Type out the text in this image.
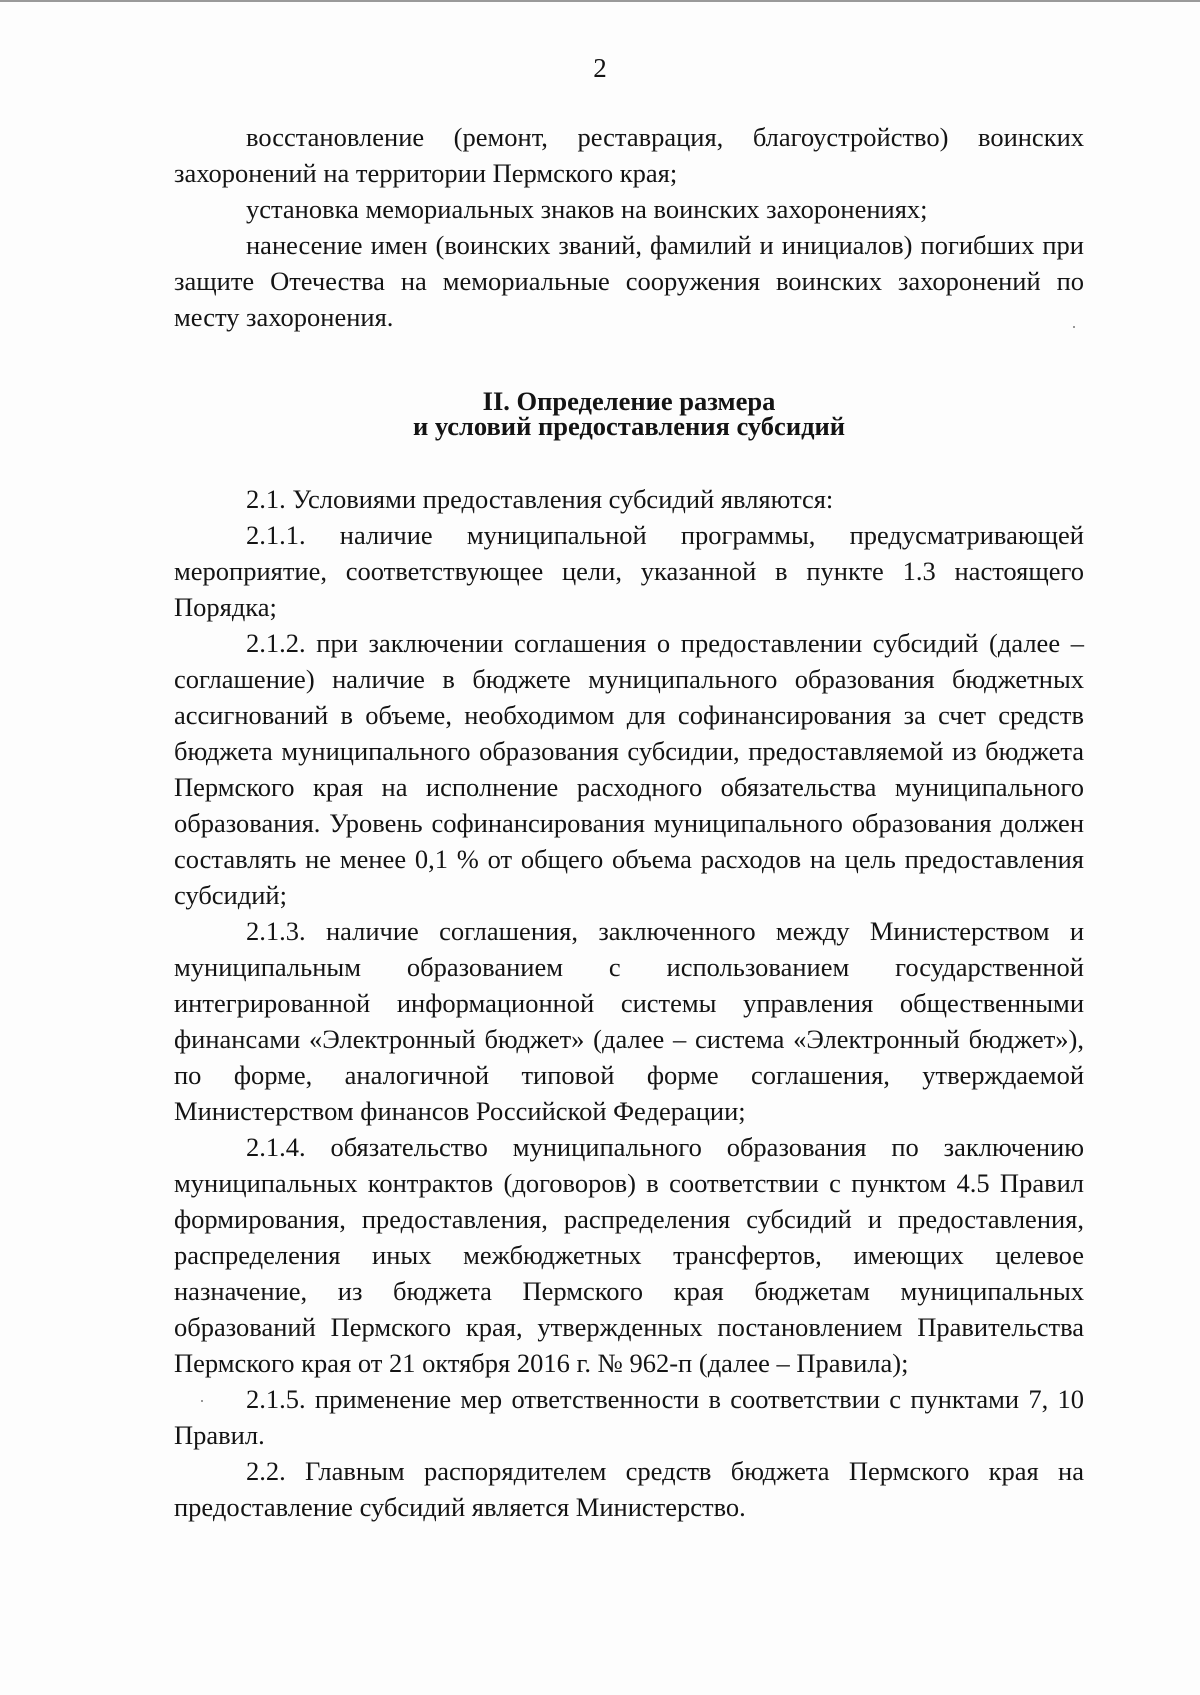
2

восстановление (ремонт, реставрация, благоустройство) воинских захоронений на территории Пермского края;

установка мемориальных знаков на воинских захоронениях;

нанесение имен (воинских званий, фамилий и инициалов) погибших при защите Отечества на мемориальные сооружения воинских захоронений по месту захоронения.

II. Определение размера
и условий предоставления субсидий

2.1. Условиями предоставления субсидий являются:

2.1.1. наличие муниципальной программы, предусматривающей мероприятие, соответствующее цели, указанной в пункте 1.3 настоящего Порядка;

2.1.2. при заключении соглашения о предоставлении субсидий (далее – соглашение) наличие в бюджете муниципального образования бюджетных ассигнований в объеме, необходимом для софинансирования за счет средств бюджета муниципального образования субсидии, предоставляемой из бюджета Пермского края на исполнение расходного обязательства муниципального образования. Уровень софинансирования муниципального образования должен составлять не менее 0,1 % от общего объема расходов на цель предоставления субсидий;

2.1.3. наличие соглашения, заключенного между Министерством и муниципальным образованием с использованием государственной интегрированной информационной системы управления общественными финансами «Электронный бюджет» (далее – система «Электронный бюджет»), по форме, аналогичной типовой форме соглашения, утверждаемой Министерством финансов Российской Федерации;

2.1.4. обязательство муниципального образования по заключению муниципальных контрактов (договоров) в соответствии с пунктом 4.5 Правил формирования, предоставления, распределения субсидий и предоставления, распределения иных межбюджетных трансфертов, имеющих целевое назначение, из бюджета Пермского края бюджетам муниципальных образований Пермского края, утвержденных постановлением Правительства Пермского края от 21 октября 2016 г. № 962-п (далее – Правила);

2.1.5. применение мер ответственности в соответствии с пунктами 7, 10 Правил.

2.2. Главным распорядителем средств бюджета Пермского края на предоставление субсидий является Министерство.
